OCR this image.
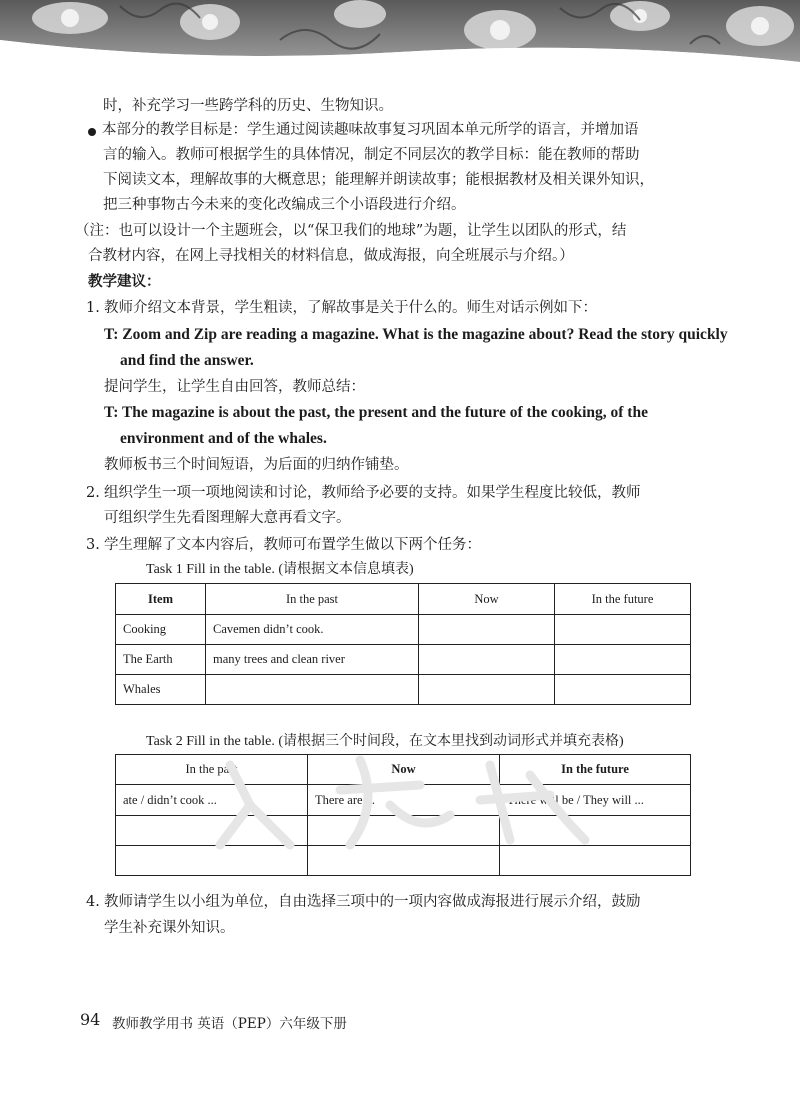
时，补充学习一些跨学科的历史、生物知识。
本部分的教学目标是：学生通过阅读趣味故事复习巩固本单元所学的语言，并增加语
言的输入。教师可根据学生的具体情况，制定不同层次的教学目标：能在教师的帮助
下阅读文本，理解故事的大概意思；能理解并朗读故事；能根据教材及相关课外知识，
把三种事物古今未来的变化改编成三个小语段进行介绍。
（注：也可以设计一个主题班会，以“保卫我们的地球”为题，让学生以团队的形式，结
合教材内容，在网上寻找相关的材料信息，做成海报，向全班展示与介绍。）
教学建议：
1. 教师介绍文本背景，学生粗读，了解故事是关于什么的。师生对话示例如下：
T: Zoom and Zip are reading a magazine. What is the magazine about? Read the story quickly
and find the answer.
提问学生，让学生自由回答，教师总结：
T: The magazine is about the past, the present and the future of the cooking, of the
environment and of the whales.
教师板书三个时间短语，为后面的归纳作铺垫。
2. 组织学生一项一项地阅读和讨论，教师给予必要的支持。如果学生程度比较低，教师
可组织学生先看图理解大意再看文字。
3. 学生理解了文本内容后，教师可布置学生做以下两个任务：
Task 1 Fill in the table. (请根据文本信息填表)
Item	In the past	Now	In the future
Cooking	Cavemen didn’t cook.		
The Earth	many trees and clean river		
Whales			
Task 2 Fill in the table. (请根据三个时间段，在文本里找到动词形式并填充表格)
In the past	Now	In the future
ate / didn’t cook ...	There are ...	There will be / They will ...

4. 教师请学生以小组为单位，自由选择三项中的一项内容做成海报进行展示介绍，鼓励
学生补充课外知识。
94 教师教学用书 英语（PEP）六年级下册
